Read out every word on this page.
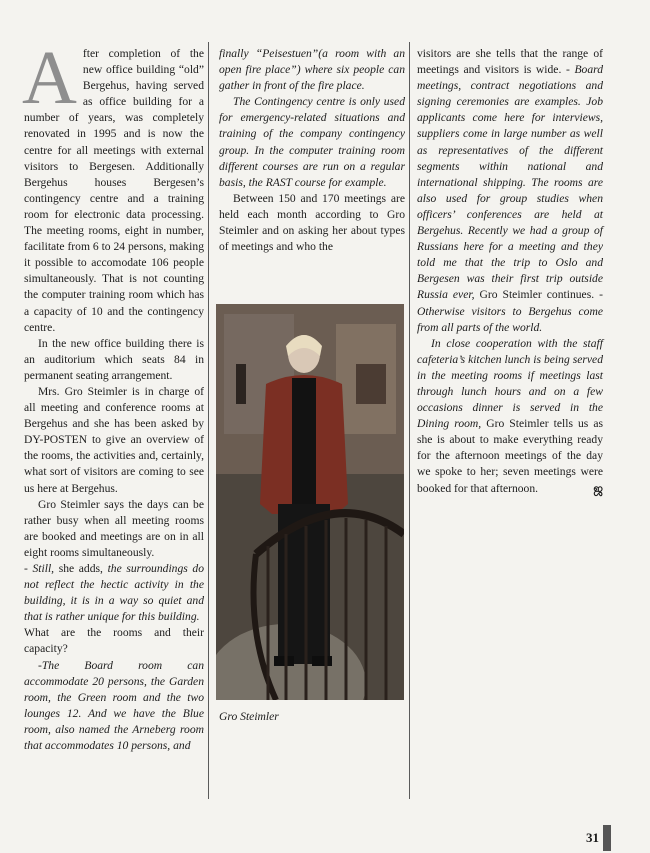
After completion of the new office building “old” Bergehus, having served as office building for a number of years, was completely renovated in 1995 and is now the centre for all meetings with external visitors to Bergesen. Additionally Bergehus houses Bergesen’s contingency centre and a training room for electronic data processing. The meeting rooms, eight in number, facilitate from 6 to 24 persons, making it possible to accomodate 106 people simultaneously. That is not counting the computer training room which has a capacity of 10 and the contingency centre.

In the new office building there is an auditorium which seats 84 in permanent seating arrangement.

Mrs. Gro Steimler is in charge of all meeting and conference rooms at Bergehus and she has been asked by DY-POSTEN to give an overview of the rooms, the activities and, certainly, what sort of visitors are coming to see us here at Bergehus.

Gro Steimler says the days can be rather busy when all meeting rooms are booked and meetings are on in all eight rooms simultaneously.

- Still, she adds, the surroundings do not reflect the hectic activity in the building, it is in a way so quiet and that is rather unique for this building.

What are the rooms and their capacity?

-The Board room can accommodate 20 persons, the Garden room, the Green room and the two lounges 12. And we have the Blue room, also named the Arneberg room that accommodates 10 persons, and

finally “Peisestuen”(a room with an open fire place”) where six people can gather in front of the fire place.

The Contingency centre is only used for emergency-related situations and training of the company contingency group. In the computer training room different courses are run on a regular basis, the RAST course for example.

Between 150 and 170 meetings are held each month according to Gro Steimler and on asking her about types of meetings and who the

Gro Steimler

visitors are she tells that the range of meetings and visitors is wide. - Board meetings, contract negotiations and signing ceremonies are examples. Job applicants come here for interviews, suppliers come in large number as well as representatives of the different segments within national and international shipping. The rooms are also used for group studies when officers’ conferences are held at Bergehus. Recently we had a group of Russians here for a meeting and they told me that the trip to Oslo and Bergesen was their first trip outside Russia ever, Gro Steimler continues. - Otherwise visitors to Bergehus come from all parts of the world.

In close cooperation with the staff cafeteria’s kitchen lunch is being served in the meeting rooms if meetings last through lunch hours and on a few occasions dinner is served in the Dining room, Gro Steimler tells us as she is about to make everything ready for the afternoon meetings of the day we spoke to her; seven meetings were booked for that afternoon.	ஜ

31
